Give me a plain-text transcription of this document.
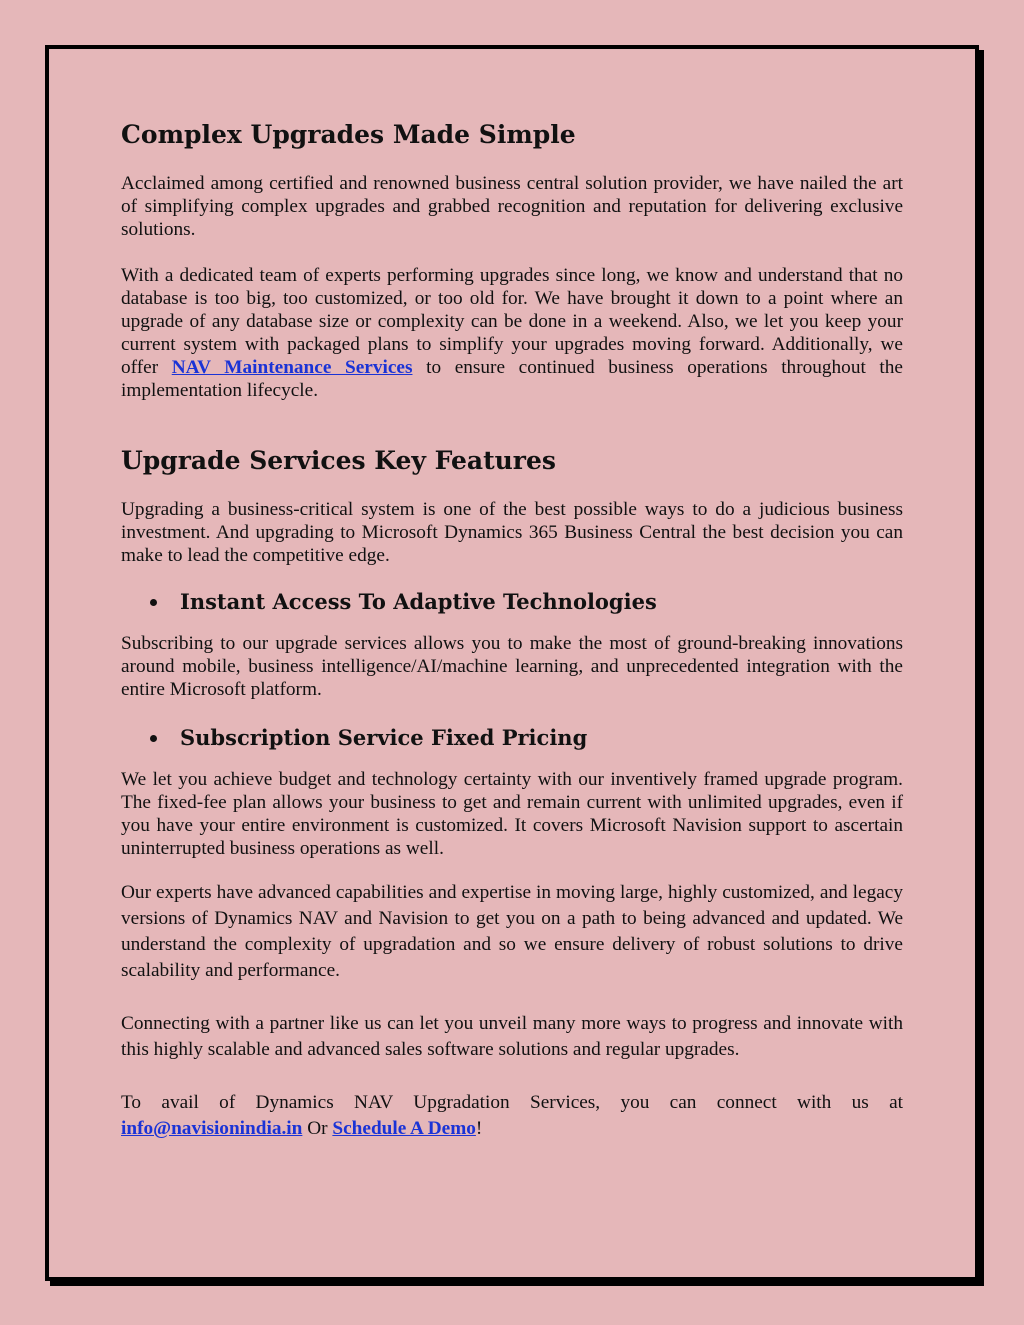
Complex Upgrades Made Simple

Acclaimed among certified and renowned business central solution provider, we have nailed the art of simplifying complex upgrades and grabbed recognition and reputation for delivering exclusive solutions.

With a dedicated team of experts performing upgrades since long, we know and understand that no database is too big, too customized, or too old for. We have brought it down to a point where an upgrade of any database size or complexity can be done in a weekend. Also, we let you keep your current system with packaged plans to simplify your upgrades moving forward. Additionally, we offer NAV Maintenance Services to ensure continued business operations throughout the implementation lifecycle.

Upgrade Services Key Features

Upgrading a business-critical system is one of the best possible ways to do a judicious business investment. And upgrading to Microsoft Dynamics 365 Business Central the best decision you can make to lead the competitive edge.

Instant Access To Adaptive Technologies

Subscribing to our upgrade services allows you to make the most of ground-breaking innovations around mobile, business intelligence/AI/machine learning, and unprecedented integration with the entire Microsoft platform.

Subscription Service Fixed Pricing

We let you achieve budget and technology certainty with our inventively framed upgrade program. The fixed-fee plan allows your business to get and remain current with unlimited upgrades, even if you have your entire environment is customized. It covers Microsoft Navision support to ascertain uninterrupted business operations as well.

Our experts have advanced capabilities and expertise in moving large, highly customized, and legacy versions of Dynamics NAV and Navision to get you on a path to being advanced and updated. We understand the complexity of upgradation and so we ensure delivery of robust solutions to drive scalability and performance.

Connecting with a partner like us can let you unveil many more ways to progress and innovate with this highly scalable and advanced sales software solutions and regular upgrades.

To avail of Dynamics NAV Upgradation Services, you can connect with us at info@navisionindia.in Or Schedule A Demo!
